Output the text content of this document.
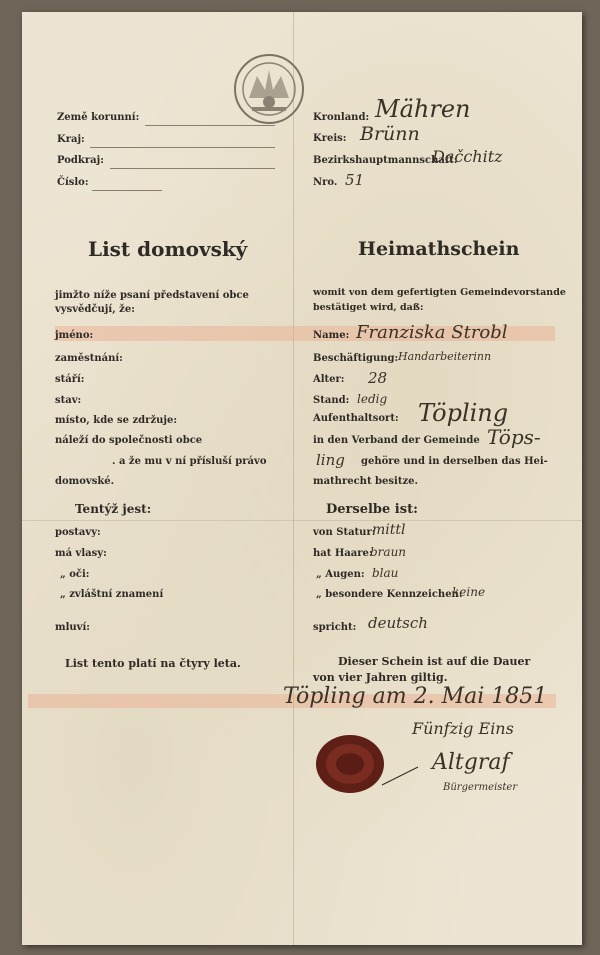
Země korunní:
Kraj:
Podkraj:
Číslo:
List domovský
jimžto níže psaní představení obce
vysvědčují, že:
jméno:
zaměstnání:
stáří:
stav:
místo, kde se zdržuje:
náleží do společnosti obce
. a že mu v ní přísluší právo
domovské.
Tentýž jest:
postavy:
má vlasy:
„ oči:
„ zvláštní znamení
mluví:
List tento platí na čtyry leta.
Kronland: Mähren
Kreis: Brünn
Bezirkshauptmannschaft:
Dačchitz
Nro. 51
Heimathschein
womit von dem gefertigten Gemeindevorstande
bestätiget wird, daß:
Name: Franziska Strobl
Beschäftigung: Handarbeiterinn
Alter: 28
Stand: ledig
Aufenthaltsort: Töpling
in den Verband der Gemeinde Töps-
ling gehöre und in derselben das Hei-
mathrecht besitze.
Derselbe ist:
von Statur:
mittl
hat Haare:
braun
„ Augen: blau
„ besondere Kennzeichen:
keine
spricht: deutsch
Dieser Schein ist auf die Dauer
von vier Jahren giltig.
Töpling am 2. Mai 1851
Fünfzig Eins
Altgraf
Bürgermeister
